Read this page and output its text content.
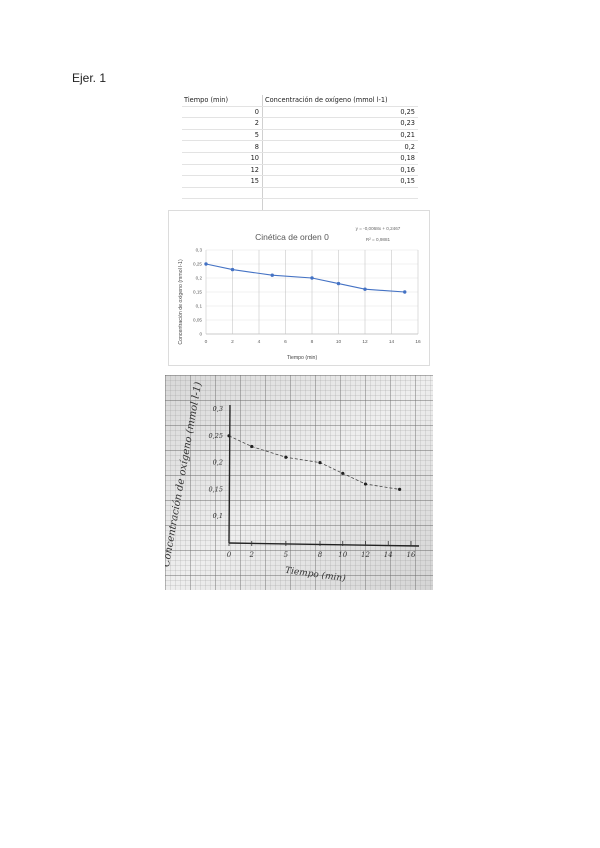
Ejer. 1
Tiempo (min)	Concentración de oxígeno (mmol l-1)
0	0,25
2	0,23
5	0,21
8	0,2
10	0,18
12	0,16
15	0,15

Cinética de orden 0
y = -0,0068x + 0,2467
R² = 0,9881
Concentración de oxígeno (mmol l-1)
Tiempo (min)
0
0,05
0,1
0,15
0,2
0,25
0,3
0	2	4	6	8	10	12	14	16
0	2	5	8 10 12 14 16
0,1
0,15
0,2
0,25
0,3
Concentración de oxígeno (mmol l-1)
Tiempo (min)
